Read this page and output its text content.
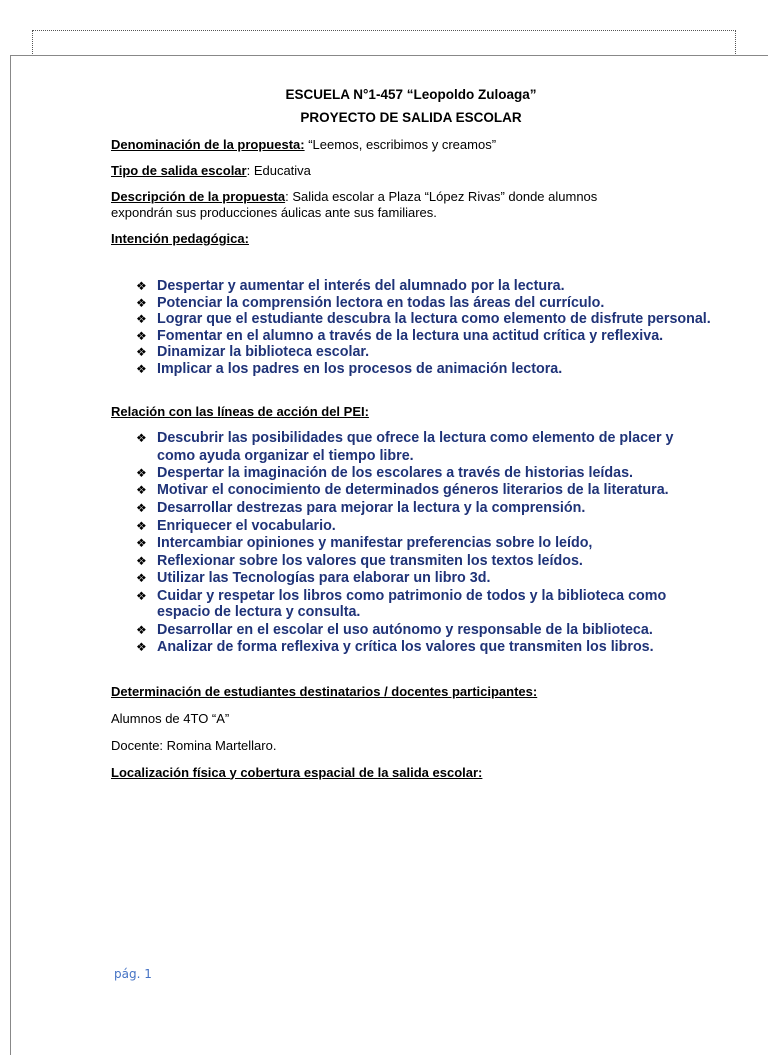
ESCUELA N°1-457 “Leopoldo Zuloaga”
PROYECTO DE SALIDA ESCOLAR

Denominación de la propuesta: “Leemos, escribimos y creamos”

Tipo de salida escolar: Educativa

Descripción de la propuesta: Salida escolar a Plaza “López Rivas” donde alumnos

expondrán sus producciones áulicas ante sus familiares.

Intención pedagógica:

❖ Despertar y aumentar el interés del alumnado por la lectura.
❖ Potenciar la comprensión lectora en todas las áreas del currículo.
❖ Lograr que el estudiante descubra la lectura como elemento de disfrute personal.
❖ Fomentar en el alumno a través de la lectura una actitud crítica y reflexiva.
❖ Dinamizar la biblioteca escolar.
❖ Implicar a los padres en los procesos de animación lectora.

Relación con las líneas de acción del PEI:

❖ Descubrir las posibilidades que ofrece la lectura como elemento de placer y como ayuda organizar el tiempo libre.
❖ Despertar la imaginación de los escolares a través de historias leídas.
❖ Motivar el conocimiento de determinados géneros literarios de la literatura.
❖ Desarrollar destrezas para mejorar la lectura y la comprensión.
❖ Enriquecer el vocabulario.
❖ Intercambiar opiniones y manifestar preferencias sobre lo leído,
❖ Reflexionar sobre los valores que transmiten los textos leídos.
❖ Utilizar las Tecnologías para elaborar un libro 3d.
❖ Cuidar y respetar los libros como patrimonio de todos y la biblioteca como espacio de lectura y consulta.
❖ Desarrollar en el escolar el uso autónomo y responsable de la biblioteca.
❖ Analizar de forma reflexiva y crítica los valores que transmiten los libros.

Determinación de estudiantes destinatarios / docentes participantes:

Alumnos de 4TO “A”

Docente: Romina Martellaro.

Localización física y cobertura espacial de la salida escolar:

pág. 1
